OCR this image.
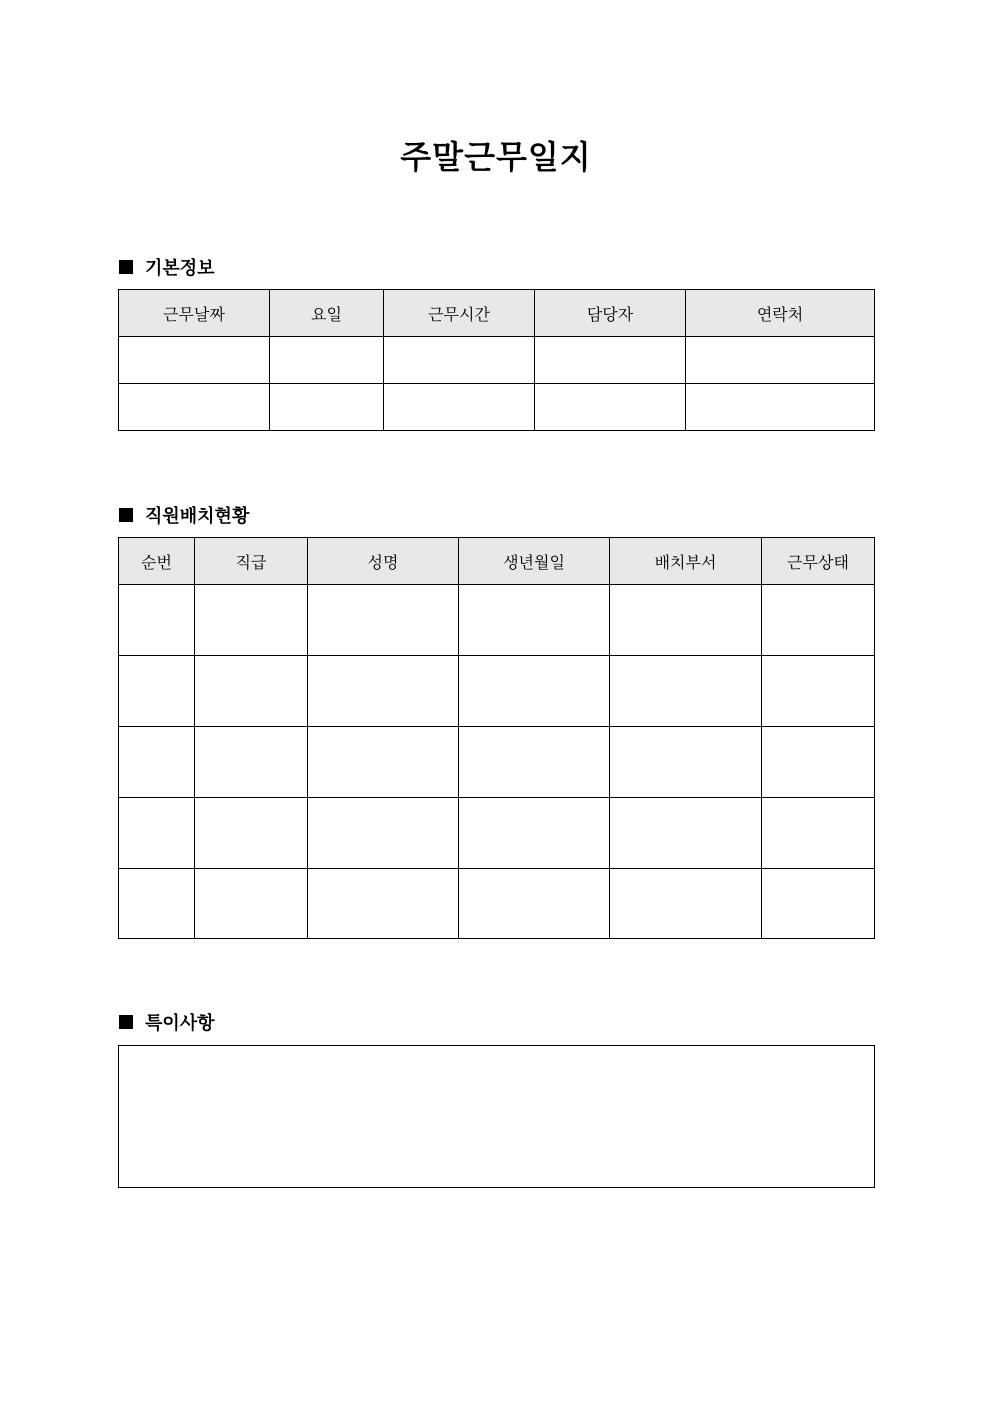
주말근무일지
기본정보
근무날짜	요일	근무시간	담당자	연락처

직원배치현황
순번	직급	성명	생년월일	배치부서	근무상태

특이사항
